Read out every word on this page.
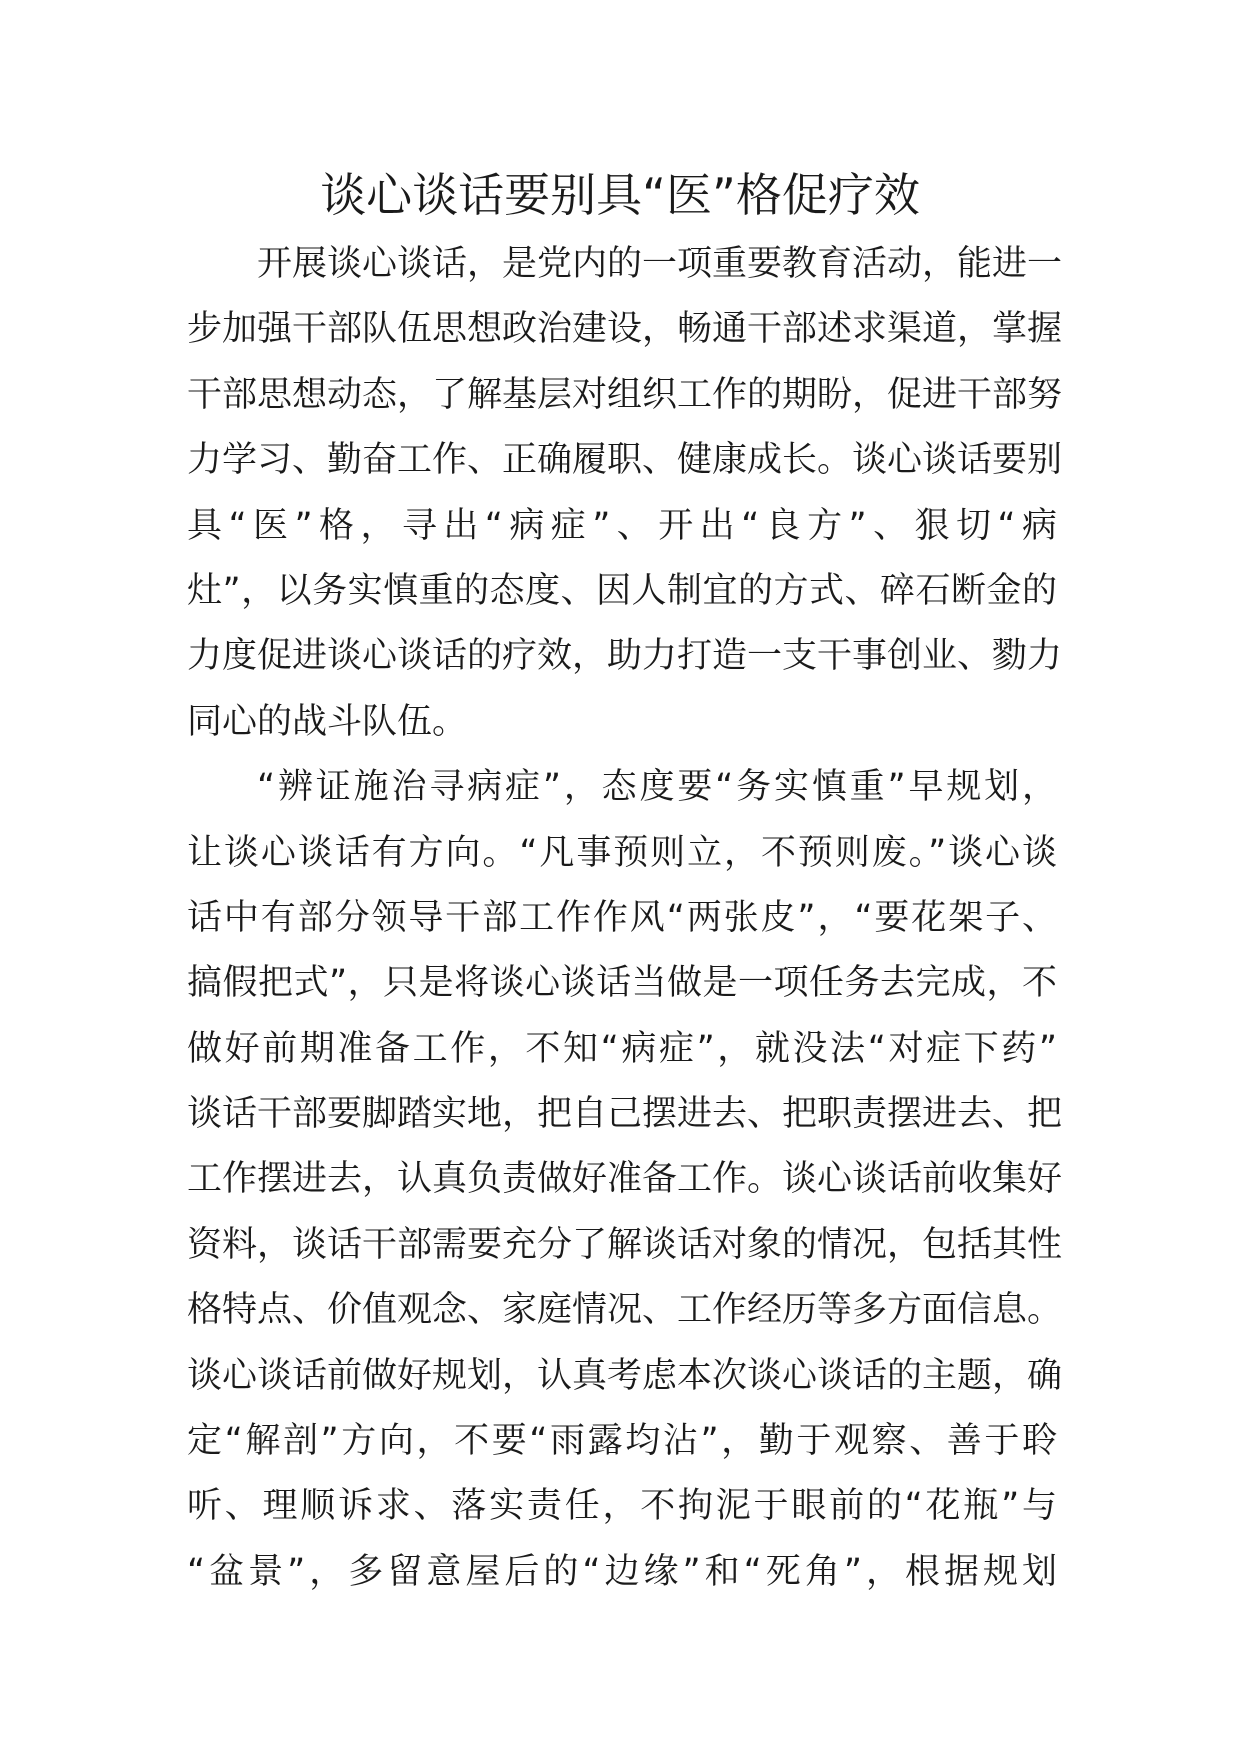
谈心谈话要别具“医”格促疗效
开展谈心谈话，是党内的一项重要教育活动，能进一
步加强干部队伍思想政治建设，畅通干部述求渠道，掌握
干部思想动态，了解基层对组织工作的期盼，促进干部努
力学习、勤奋工作、正确履职、健康成长。谈心谈话要别
具“医”格，寻出“病症”、开出“良方”、狠切“病
灶”，以务实慎重的态度、因人制宜的方式、碎石断金的
力度促进谈心谈话的疗效，助力打造一支干事创业、勠力
同心的战斗队伍。
“辨证施治寻病症”，态度要“务实慎重”早规划，
让谈心谈话有方向。“凡事预则立，不预则废。”谈心谈
话中有部分领导干部工作作风“两张皮”，“要花架子、
搞假把式”，只是将谈心谈话当做是一项任务去完成，不
做好前期准备工作，不知“病症”，就没法“对症下药”
谈话干部要脚踏实地，把自己摆进去、把职责摆进去、把
工作摆进去，认真负责做好准备工作。谈心谈话前收集好
资料，谈话干部需要充分了解谈话对象的情况，包括其性
格特点、价值观念、家庭情况、工作经历等多方面信息。
谈心谈话前做好规划，认真考虑本次谈心谈话的主题，确
定“解剖”方向，不要“雨露均沾”，勤于观察、善于聆
听、理顺诉求、落实责任，不拘泥于眼前的“花瓶”与
“盆景”，多留意屋后的“边缘”和“死角”，根据规划
